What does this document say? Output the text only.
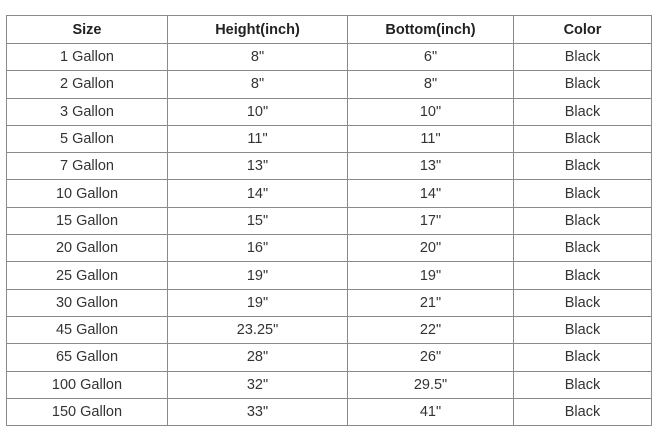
Size	Height(inch)	Bottom(inch)	Color
1 Gallon	8"	6"	Black
2 Gallon	8"	8"	Black
3 Gallon	10"	10"	Black
5 Gallon	11"	11"	Black
7 Gallon	13"	13"	Black
10 Gallon	14"	14"	Black
15 Gallon	15"	17"	Black
20 Gallon	16"	20"	Black
25 Gallon	19"	19"	Black
30 Gallon	19"	21"	Black
45 Gallon	23.25"	22"	Black
65 Gallon	28"	26"	Black
100 Gallon	32"	29.5"	Black
150 Gallon	33"	41"	Black
